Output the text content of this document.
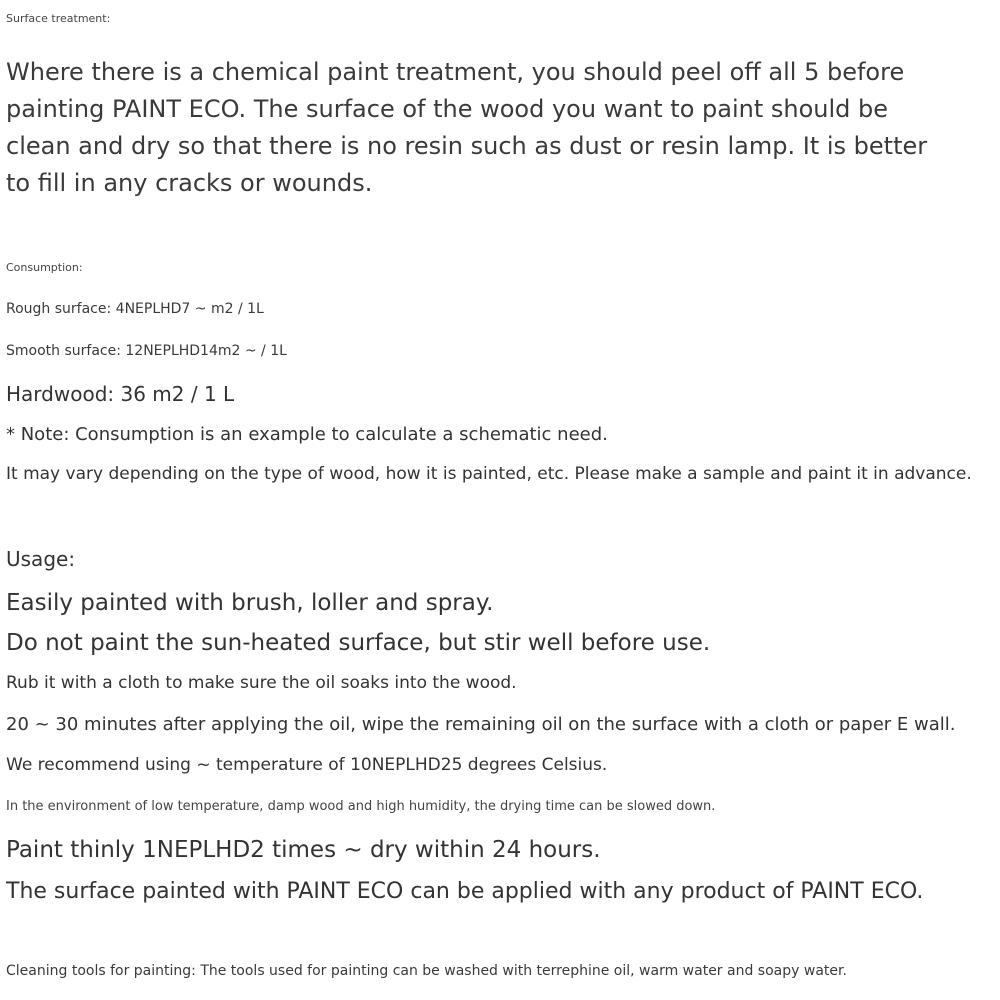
Surface treatment:

Where there is a chemical paint treatment, you should peel off all 5 before
painting PAINT ECO. The surface of the wood you want to paint should be
clean and dry so that there is no resin such as dust or resin lamp. It is better
to fill in any cracks or wounds.

Consumption:

Rough surface: 4NEPLHD7 ~ m2 / 1L

Smooth surface: 12NEPLHD14m2 ~ / 1L

Hardwood: 36 m2 / 1 L

* Note: Consumption is an example to calculate a schematic need.

It may vary depending on the type of wood, how it is painted, etc. Please make a sample and paint it in advance.

Usage:

Easily painted with brush, loller and spray.

Do not paint the sun-heated surface, but stir well before use.

Rub it with a cloth to make sure the oil soaks into the wood.

20 ~ 30 minutes after applying the oil, wipe the remaining oil on the surface with a cloth or paper E wall.

We recommend using ~ temperature of 10NEPLHD25 degrees Celsius.

In the environment of low temperature, damp wood and high humidity, the drying time can be slowed down.

Paint thinly 1NEPLHD2 times ~ dry within 24 hours.

The surface painted with PAINT ECO can be applied with any product of PAINT ECO.

Cleaning tools for painting: The tools used for painting can be washed with terrephine oil, warm water and soapy water.
